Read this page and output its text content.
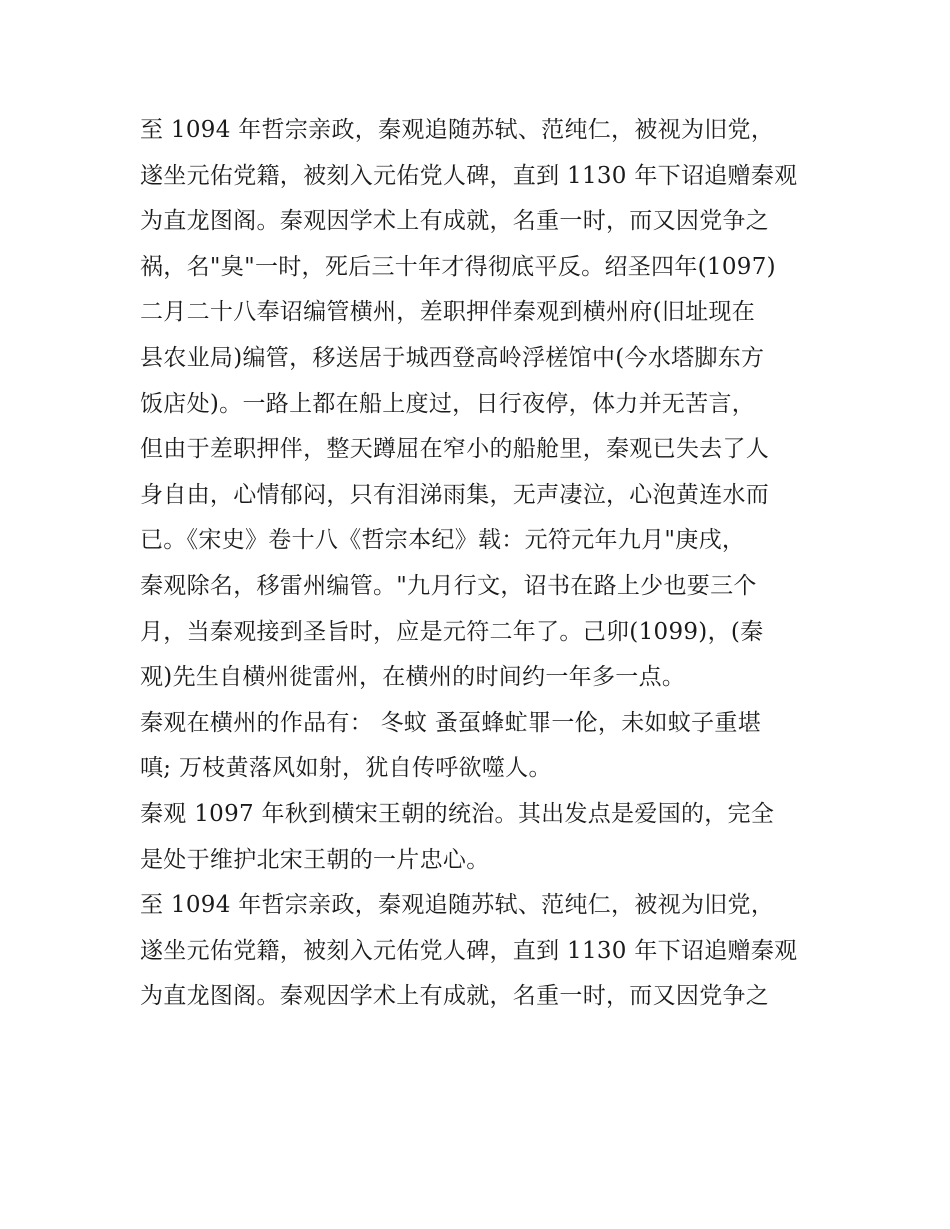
至 1094 年哲宗亲政，秦观追随苏轼、范纯仁，被视为旧党，
遂坐元佑党籍，被刻入元佑党人碑，直到 1130 年下诏追赠秦观
为直龙图阁。秦观因学术上有成就，名重一时，而又因党争之
祸，名"臭"一时，死后三十年才得彻底平反。绍圣四年(1097)
二月二十八奉诏编管横州，差职押伴秦观到横州府(旧址现在
县农业局)编管，移送居于城西登高岭浮槎馆中(今水塔脚东方
饭店处)。一路上都在船上度过，日行夜停，体力并无苦言，
但由于差职押伴，整天蹲屈在窄小的船舱里，秦观已失去了人
身自由，心情郁闷，只有泪涕雨集，无声凄泣，心泡黄连水而
已。《宋史》卷十八《哲宗本纪》载：元符元年九月"庚戌，
秦观除名，移雷州编管。"九月行文，诏书在路上少也要三个
月，当秦观接到圣旨时，应是元符二年了。己卯(1099)，(秦
观)先生自横州徙雷州，在横州的时间约一年多一点。
秦观在横州的作品有： 冬蚊 蚤虿蜂虻罪一伦，未如蚊子重堪
嗔; 万枝黄落风如射，犹自传呼欲噬人。
秦观 1097 年秋到横宋王朝的统治。其出发点是爱国的，完全
是处于维护北宋王朝的一片忠心。
至 1094 年哲宗亲政，秦观追随苏轼、范纯仁，被视为旧党，
遂坐元佑党籍，被刻入元佑党人碑，直到 1130 年下诏追赠秦观
为直龙图阁。秦观因学术上有成就，名重一时，而又因党争之
